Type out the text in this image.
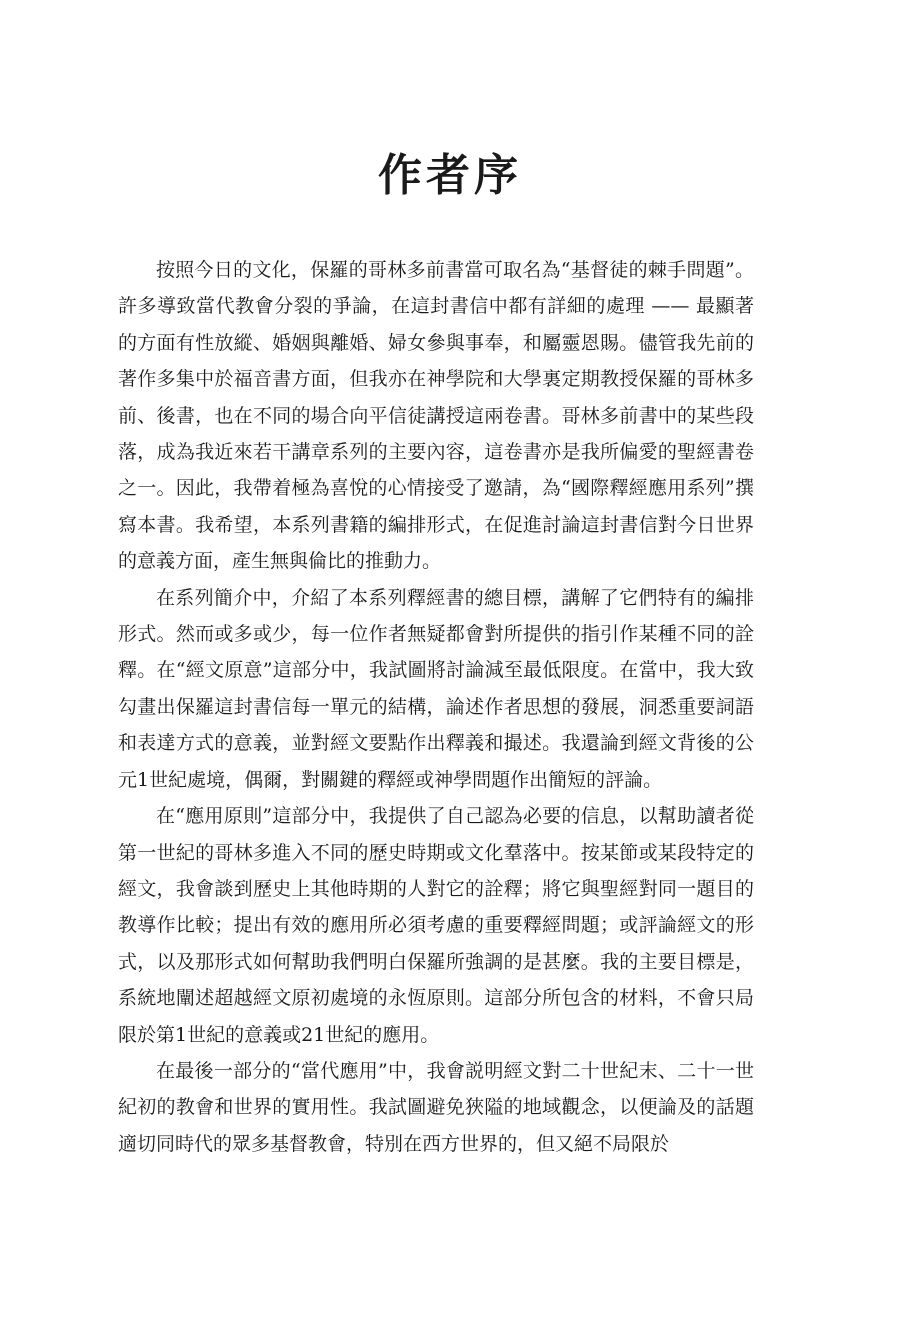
作者序

按照今日的文化，保羅的哥林多前書當可取名為“基督徒的棘手問題”。許多導致當代教會分裂的爭論，在這封書信中都有詳細的處理 —— 最顯著的方面有性放縱、婚姻與離婚、婦女參與事奉，和屬靈恩賜。儘管我先前的著作多集中於福音書方面，但我亦在神學院和大學裏定期教授保羅的哥林多前、後書，也在不同的場合向平信徒講授這兩卷書。哥林多前書中的某些段落，成為我近來若干講章系列的主要內容，這卷書亦是我所偏愛的聖經書卷之一。因此，我帶着極為喜悅的心情接受了邀請，為“國際釋經應用系列”撰寫本書。我希望，本系列書籍的編排形式，在促進討論這封書信對今日世界的意義方面，產生無與倫比的推動力。

在系列簡介中，介紹了本系列釋經書的總目標，講解了它們特有的編排形式。然而或多或少，每一位作者無疑都會對所提供的指引作某種不同的詮釋。在“經文原意”這部分中，我試圖將討論減至最低限度。在當中，我大致勾畫出保羅這封書信每一單元的結構，論述作者思想的發展，洞悉重要詞語和表達方式的意義，並對經文要點作出釋義和撮述。我還論到經文背後的公元1世紀處境，偶爾，對關鍵的釋經或神學問題作出簡短的評論。

在“應用原則”這部分中，我提供了自己認為必要的信息，以幫助讀者從第一世紀的哥林多進入不同的歷史時期或文化羣落中。按某節或某段特定的經文，我會談到歷史上其他時期的人對它的詮釋；將它與聖經對同一題目的教導作比較；提出有效的應用所必須考慮的重要釋經問題；或評論經文的形式，以及那形式如何幫助我們明白保羅所強調的是甚麼。我的主要目標是，系統地闡述超越經文原初處境的永恆原則。這部分所包含的材料，不會只局限於第1世紀的意義或21世紀的應用。

在最後一部分的“當代應用”中，我會説明經文對二十世紀末、二十一世紀初的教會和世界的實用性。我試圖避免狹隘的地域觀念，以便論及的話題適切同時代的眾多基督教會，特別在西方世界的，但又絕不局限於
